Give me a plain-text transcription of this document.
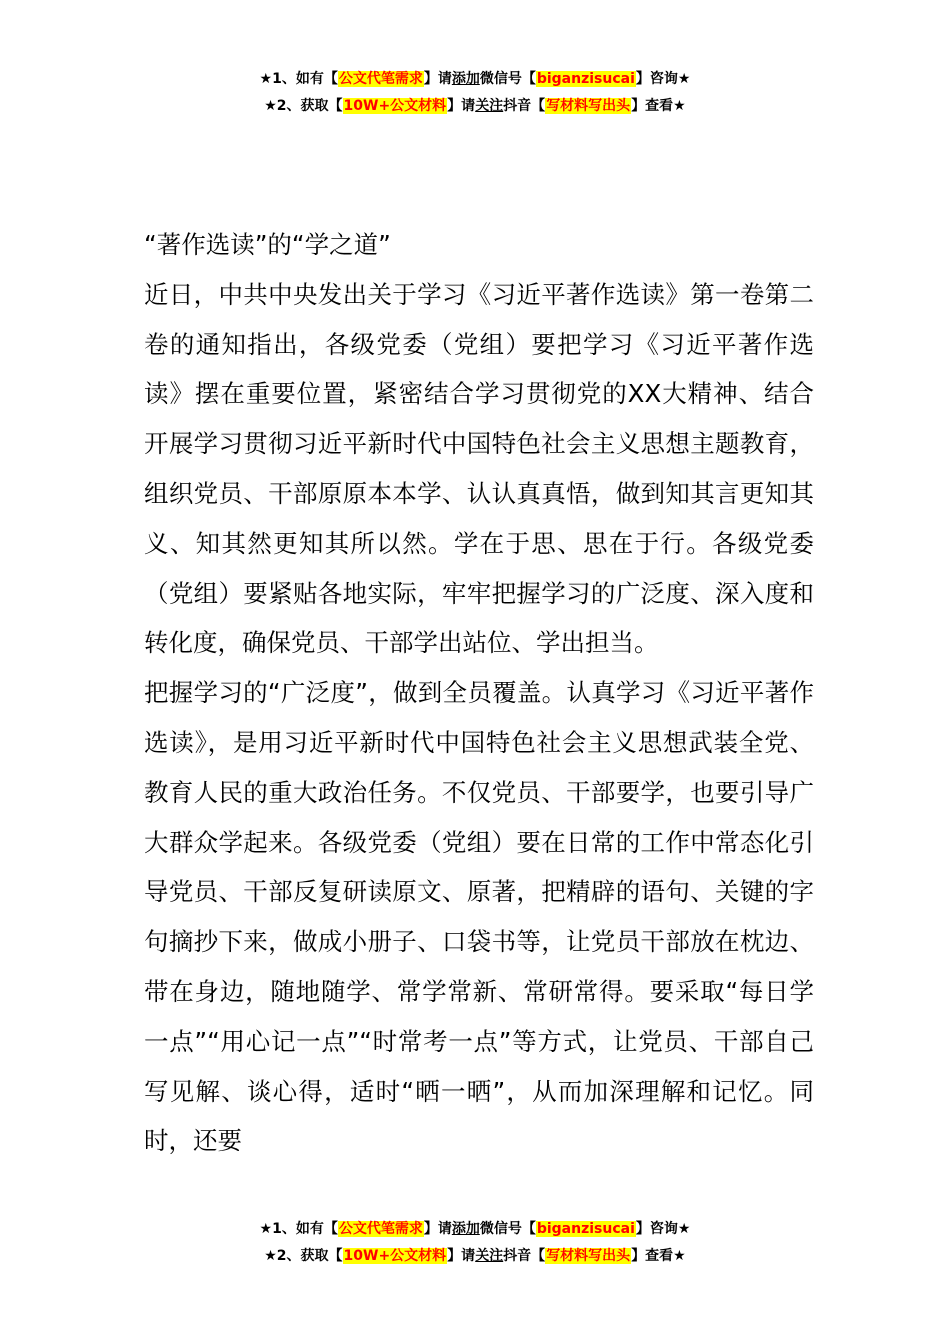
★1、如有【公文代笔需求】请添加微信号【biganzisucai】咨询★
★2、获取【10W+公文材料】请关注抖音【写材料写出头】查看★

“著作选读”的“学之道”

近日，中共中央发出关于学习《习近平著作选读》第一卷第二卷的通知指出，各级党委（党组）要把学习《习近平著作选读》摆在重要位置，紧密结合学习贯彻党的XX大精神、结合开展学习贯彻习近平新时代中国特色社会主义思想主题教育，组织党员、干部原原本本学、认认真真悟，做到知其言更知其义、知其然更知其所以然。学在于思、思在于行。各级党委（党组）要紧贴各地实际，牢牢把握学习的广泛度、深入度和转化度，确保党员、干部学出站位、学出担当。

把握学习的“广泛度”，做到全员覆盖。认真学习《习近平著作选读》，是用习近平新时代中国特色社会主义思想武装全党、教育人民的重大政治任务。不仅党员、干部要学，也要引导广大群众学起来。各级党委（党组）要在日常的工作中常态化引导党员、干部反复研读原文、原著，把精辟的语句、关键的字句摘抄下来，做成小册子、口袋书等，让党员干部放在枕边、带在身边，随地随学、常学常新、常研常得。要采取“每日学一点”“用心记一点”“时常考一点”等方式，让党员、干部自己写见解、谈心得，适时“晒一晒”，从而加深理解和记忆。同时，还要

★1、如有【公文代笔需求】请添加微信号【biganzisucai】咨询★
★2、获取【10W+公文材料】请关注抖音【写材料写出头】查看★
